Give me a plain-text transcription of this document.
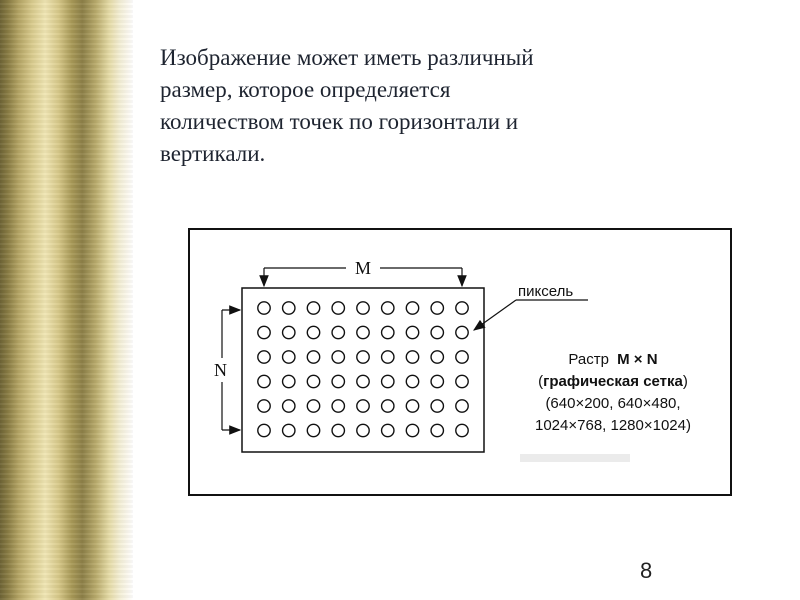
Изображение может иметь различный
размер, которое определяется
количеством точек по горизонтали и
вертикали.
M
N
пиксель
Растр M × N
(графическая сетка)
(640×200, 640×480,
1024×768, 1280×1024)
8
